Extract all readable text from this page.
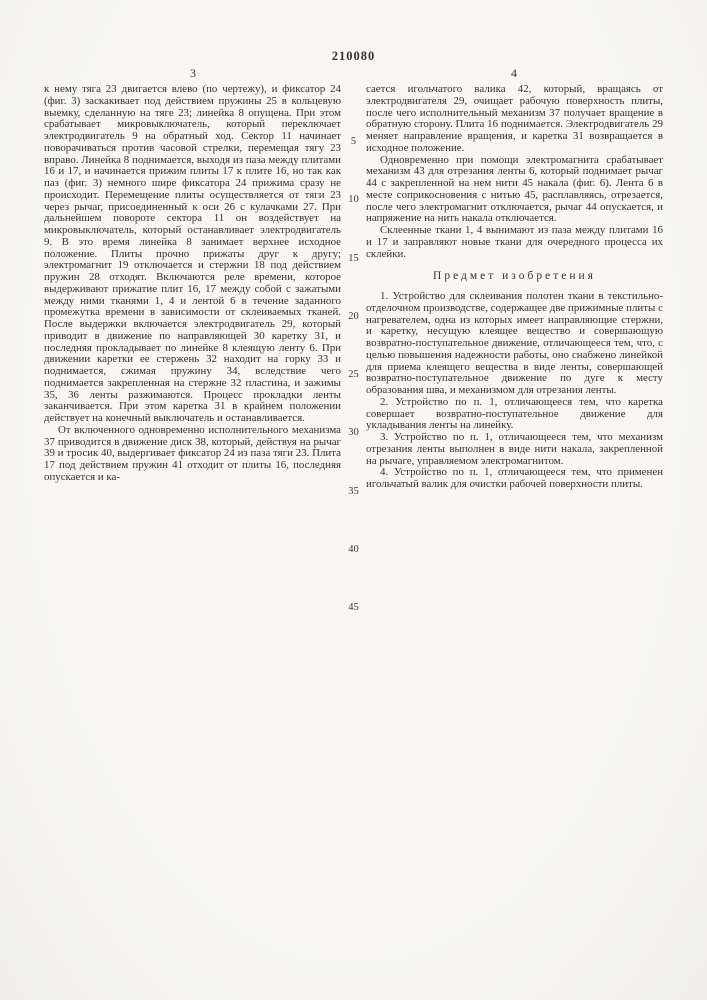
210080
3	4

к нему тяга 23 двигается влево (по чертежу), и фиксатор 24 (фиг. 3) заскакивает под действием пружины 25 в кольцевую выемку, сделанную на тяге 23; линейка 8 опущена. При этом срабатывает микровыключатель, который переключает электродвигатель 9 на обратный ход. Сектор 11 начинает поворачиваться против часовой стрелки, перемещая тягу 23 вправо. Линейка 8 поднимается, выходя из паза между плитами 16 и 17, и начинается прижим плиты 17 к плите 16, но так как паз (фиг. 3) немного шире фиксатора 24 прижима сразу не происходит. Перемещение плиты осуществляется от тяги 23 через рычаг, присоединенный к оси 26 с кулачками 27. При дальнейшем повороте сектора 11 он воздействует на микровыключатель, который останавливает электродвигатель 9. В это время линейка 8 занимает верхнее исходное положение. Плиты прочно прижаты друг к другу; электромагнит 19 отключается и стержни 18 под действием пружин 28 отходят. Включаются реле времени, которое выдерживают прижатие плит 16, 17 между собой с зажатыми между ними тканями 1, 4 и лентой 6 в течение заданного промежутка времени в зависимости от склеиваемых тканей. После выдержки включается электродвигатель 29, который приводит в движение по направляющей 30 каретку 31, и последняя прокладывает по линейке 8 клеящую ленту 6. При движении каретки ее стержень 32 находит на горку 33 и поднимается, сжимая пружину 34, вследствие чего поднимается закрепленная на стержне 32 пластина, и зажимы 35, 36 ленты разжимаются. Процесс прокладки ленты заканчивается. При этом каретка 31 в крайнем положении действует на конечный выключатель и останавливается.

От включенного одновременно исполнительного механизма 37 приводится в движение диск 38, который, действуя на рычаг 39 и тросик 40, выдергивает фиксатор 24 из паза тяги 23. Плита 17 под действием пружин 41 отходит от плиты 16, последняя опускается и ка-

5
10
15
20
25
30
35
40
45

сается игольчатого валика 42, который, вращаясь от электродвигателя 29, очищает рабочую поверхность плиты, после чего исполнительный механизм 37 получает вращение в обратную сторону. Плита 16 поднимается. Электродвигатель 29 меняет направление вращения, и каретка 31 возвращается в исходное положение.

Одновременно при помощи электромагнита срабатывает механизм 43 для отрезания ленты 6, который поднимает рычаг 44 с закрепленной на нем нити 45 накала (фиг. 6). Лента 6 в месте соприкосновения с нитью 45, расплавляясь, отрезается, после чего электромагнит отключается, рычаг 44 опускается, и напряжение на нить накала отключается.

Склеенные ткани 1, 4 вынимают из паза между плитами 16 и 17 и заправляют новые ткани для очередного процесса их склейки.

Предмет изобретения

1. Устройство для склеивания полотен ткани в текстильно-отделочном производстве, содержащее две прижимные плиты с нагревателем, одна из которых имеет направляющие стержни, и каретку, несущую клеящее вещество и совершающую возвратно-поступательное движение, отличающееся тем, что, с целью повышения надежности работы, оно снабжено линейкой для приема клеящего вещества в виде ленты, совершающей возвратно-поступательное движение по дуге к месту образования шва, и механизмом для отрезания ленты.

2. Устройство по п. 1, отличающееся тем, что каретка совершает возвратно-поступательное движение для укладывания ленты на линейку.

3. Устройство по п. 1, отличающееся тем, что механизм отрезания ленты выполнен в виде нити накала, закрепленной на рычаге, управляемом электромагнитом.

4. Устройство по п. 1, отличающееся тем, что применен игольчатый валик для очистки рабочей поверхности плиты.
